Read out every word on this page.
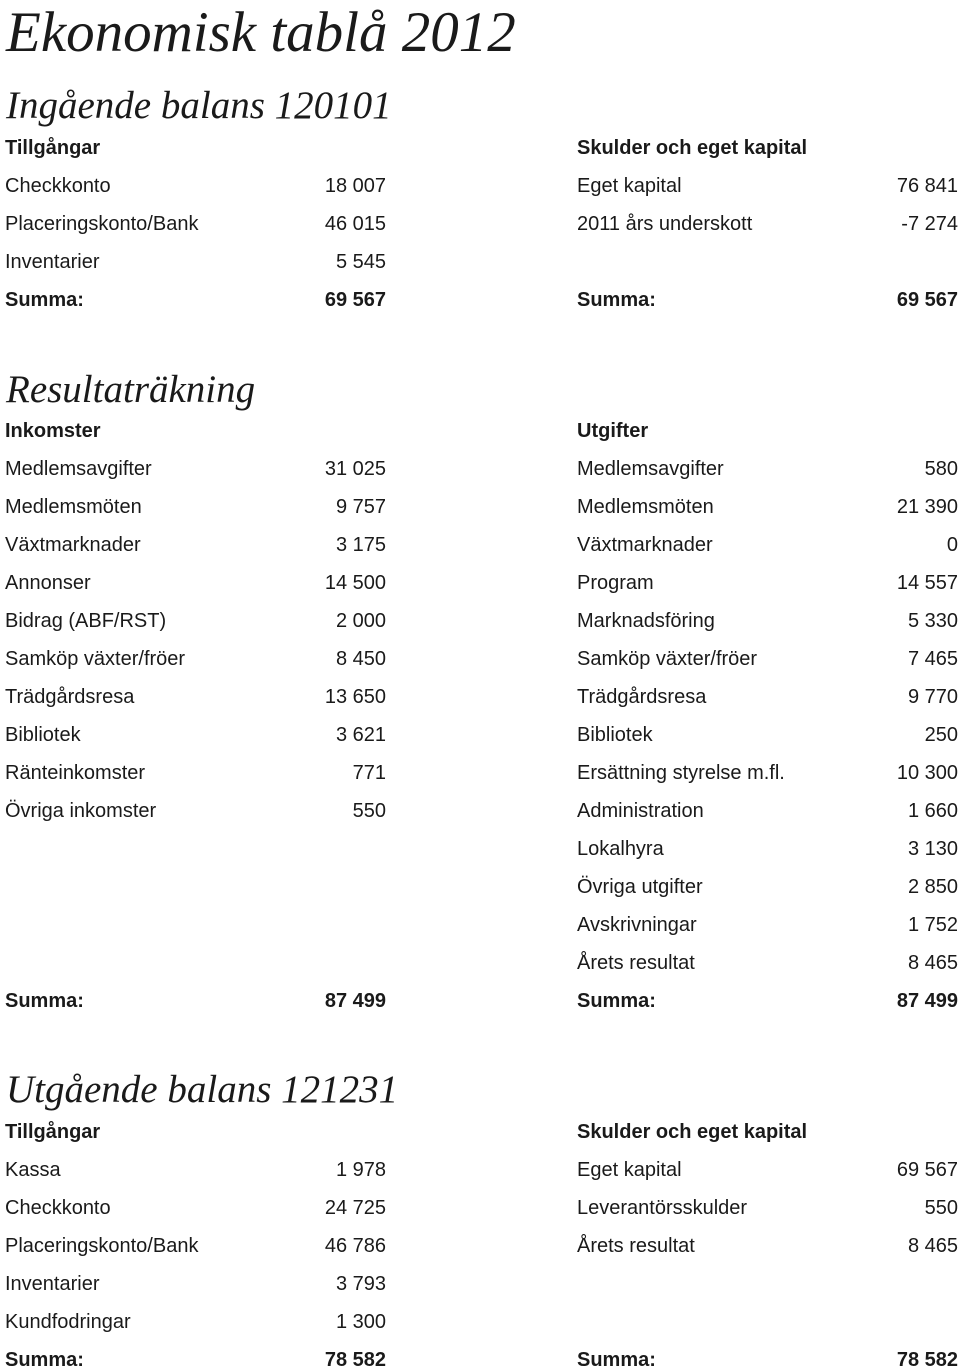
Ekonomisk tablå 2012
Ingående balans 120101
Tillgångar
Checkkonto	18 007
Placeringskonto/Bank	46 015
Inventarier	5 545
Summa:	69 567
Skulder och eget kapital
Eget kapital	76 841
2011 års underskott	-7 274
Summa:	69 567
Resultaträkning
Inkomster
Medlemsavgifter	31 025
Medlemsmöten	9 757
Växtmarknader	3 175
Annonser	14 500
Bidrag (ABF/RST)	2 000
Samköp växter/fröer	8 450
Trädgårdsresa	13 650
Bibliotek	3 621
Ränteinkomster	771
Övriga inkomster	550
Summa:	87 499
Utgifter
Medlemsavgifter	580
Medlemsmöten	21 390
Växtmarknader	0
Program	14 557
Marknadsföring	5 330
Samköp växter/fröer	7 465
Trädgårdsresa	9 770
Bibliotek	250
Ersättning styrelse m.fl.	10 300
Administration	1 660
Lokalhyra	3 130
Övriga utgifter	2 850
Avskrivningar	1 752
Årets resultat	8 465
Summa:	87 499
Utgående balans 121231
Tillgångar
Kassa	1 978
Checkkonto	24 725
Placeringskonto/Bank	46 786
Inventarier	3 793
Kundfodringar	1 300
Summa:	78 582
Skulder och eget kapital
Eget kapital	69 567
Leverantörsskulder	550
Årets resultat	8 465
Summa:	78 582
